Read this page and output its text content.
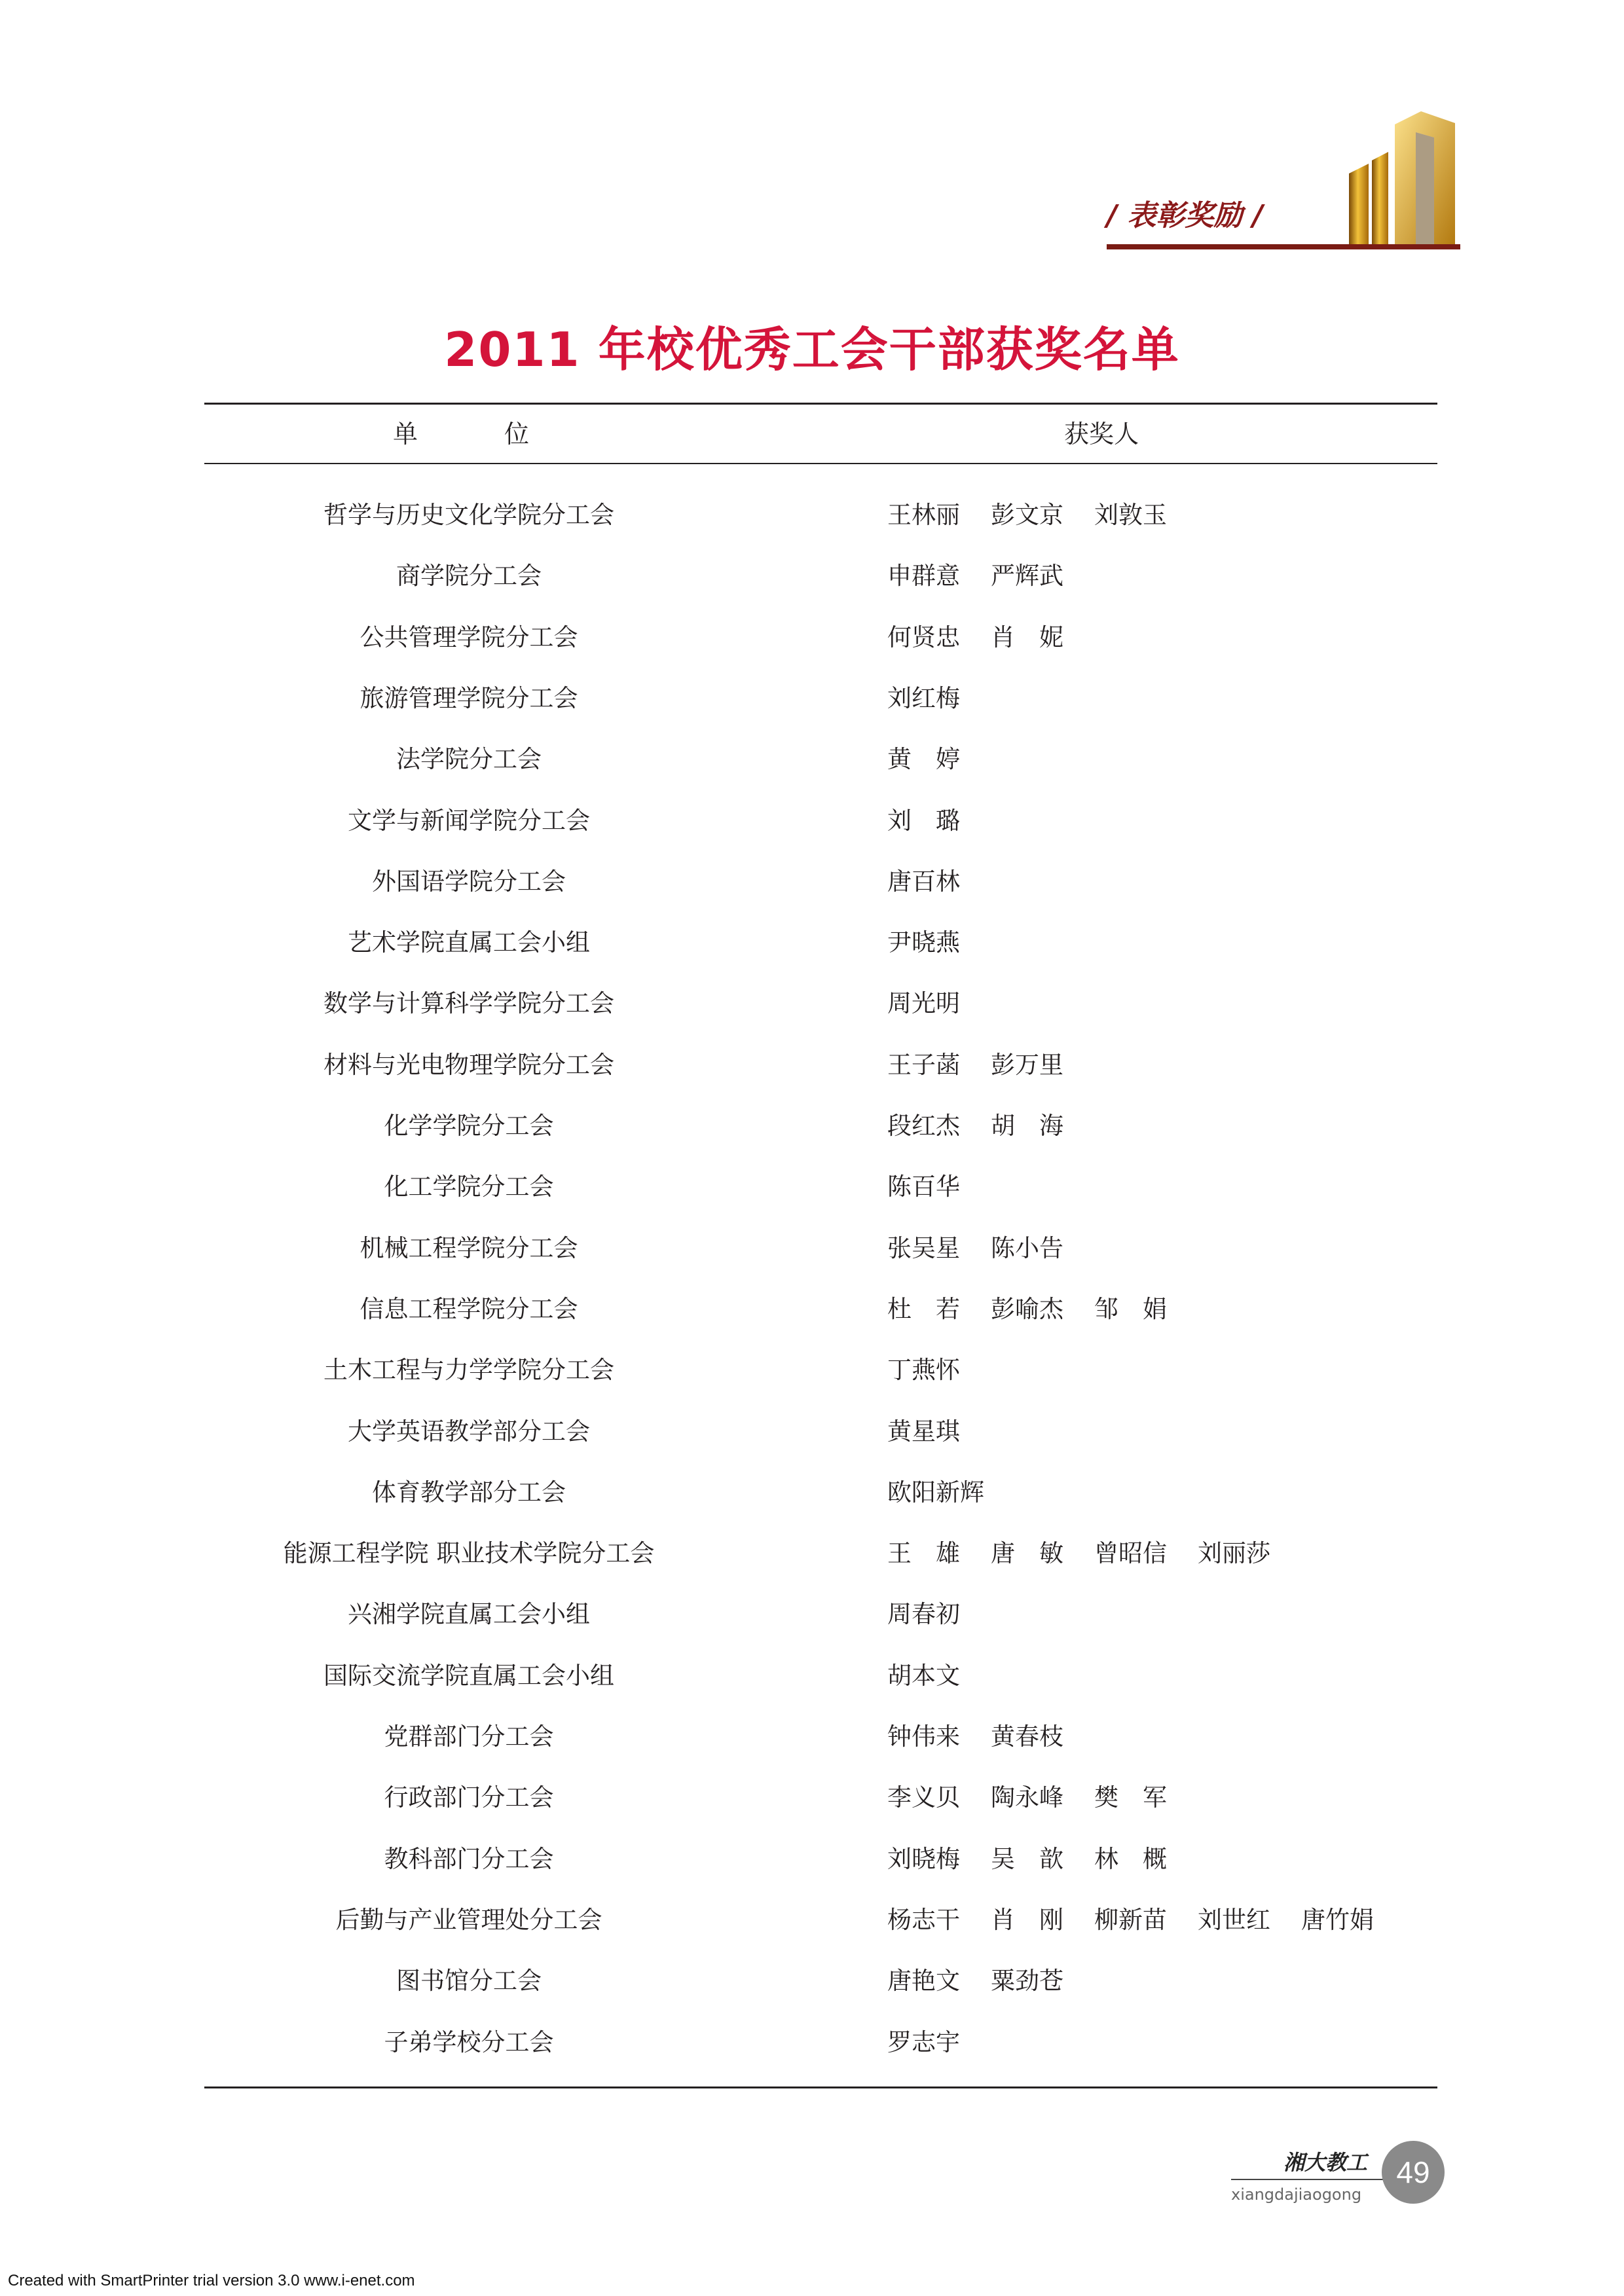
/ 表彰奖励 /
2011 年校优秀工会干部获奖名单
单	位	获奖人
哲学与历史文化学院分工会	王林丽	彭文京	刘敦玉
商学院分工会	申群意	严辉武
公共管理学院分工会	何贤忠	肖　妮
旅游管理学院分工会	刘红梅
法学院分工会	黄　婷
文学与新闻学院分工会	刘　璐
外国语学院分工会	唐百林
艺术学院直属工会小组	尹晓燕
数学与计算科学学院分工会	周光明
材料与光电物理学院分工会	王子菡	彭万里
化学学院分工会	段红杰	胡　海
化工学院分工会	陈百华
机械工程学院分工会	张吴星	陈小告
信息工程学院分工会	杜　若	彭喻杰	邹　娟
土木工程与力学学院分工会	丁燕怀
大学英语教学部分工会	黄星琪
体育教学部分工会	欧阳新辉
能源工程学院 职业技术学院分工会	王　雄	唐　敏	曾昭信	刘丽莎
兴湘学院直属工会小组	周春初
国际交流学院直属工会小组	胡本文
党群部门分工会	钟伟来	黄春枝
行政部门分工会	李义贝	陶永峰	樊　军
教科部门分工会	刘晓梅	吴　歆	林　概
后勤与产业管理处分工会	杨志干	肖　刚	柳新苗	刘世红	唐竹娟
图书馆分工会	唐艳文	粟劲苍
子弟学校分工会	罗志宇
湘大教工
xiangdajiaogong
49
Created with SmartPrinter trial version 3.0 www.i-enet.com
